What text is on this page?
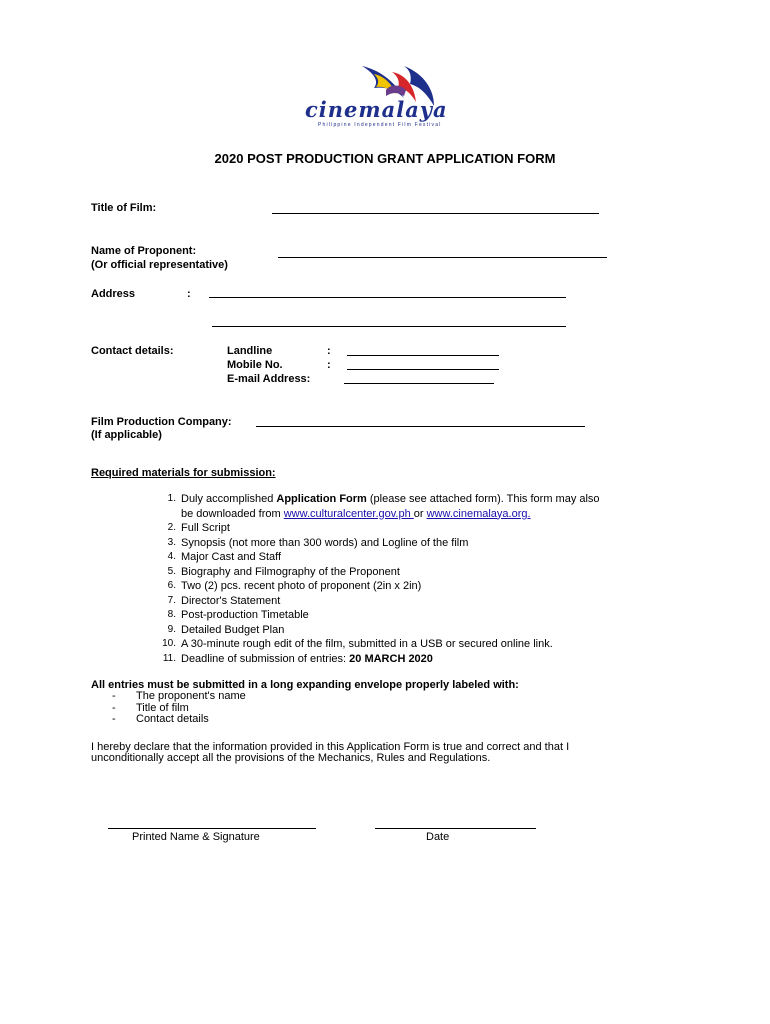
cinemalaya
Philippine Independent Film Festival
2020 POST PRODUCTION GRANT APPLICATION FORM
Title of Film:
Name of Proponent:
(Or official representative)
Address	:
Contact details:	Landline	:
Mobile No.	:
E-mail Address:
Film Production Company:
(If applicable)
Required materials for submission:
1. Duly accomplished Application Form (please see attached form). This form may also
be downloaded from www.culturalcenter.gov.ph or www.cinemalaya.org.
2. Full Script
3. Synopsis (not more than 300 words) and Logline of the film
4. Major Cast and Staff
5. Biography and Filmography of the Proponent
6. Two (2) pcs. recent photo of proponent (2in x 2in)
7. Director's Statement
8. Post-production Timetable
9. Detailed Budget Plan
10. A 30-minute rough edit of the film, submitted in a USB or secured online link.
11. Deadline of submission of entries: 20 MARCH 2020
All entries must be submitted in a long expanding envelope properly labeled with:
- The proponent's name
- Title of film
- Contact details
I hereby declare that the information provided in this Application Form is true and correct and that I
unconditionally accept all the provisions of the Mechanics, Rules and Regulations.
Printed Name & Signature	Date
